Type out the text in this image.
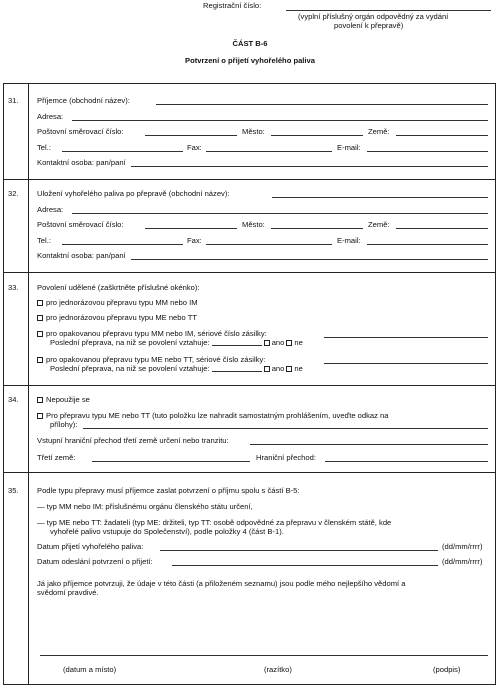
Registrační číslo:
(vyplní příslušný orgán odpovědný za vydání
povolení k přepravě)
ČÁST B-6
Potvrzení o přijetí vyhořelého paliva
31. Příjemce (obchodní název):
Adresa:
Poštovní směrovací číslo:	Město:	Země:
Tel.:	Fax:	E-mail:
Kontaktní osoba: pan/paní
32. Uložení vyhořelého paliva po přepravě (obchodní název):
Adresa:
Poštovní směrovací číslo:	Město:	Země:
Tel.:	Fax:	E-mail:
Kontaktní osoba: pan/paní
33. Povolení udělené (zaškrtněte příslušné okénko):
pro jednorázovou přepravu typu MM nebo IM
pro jednorázovou přepravu typu ME nebo TT
pro opakovanou přepravu typu MM nebo IM, sériové číslo zásilky:
Poslední přeprava, na niž se povolení vztahuje:	ano ne
pro opakovanou přepravu typu ME nebo TT, sériové číslo zásilky:
Poslední přeprava, na niž se povolení vztahuje:	ano ne
34.	Nepoužije se
Pro přepravu typu ME nebo TT (tuto položku lze nahradit samostatným prohlášením, uveďte odkaz na
přílohy):
Vstupní hraniční přechod třetí země určení nebo tranzitu:
Třetí země:	Hraniční přechod:
35. Podle typu přepravy musí příjemce zaslat potvrzení o příjmu spolu s částí B-5:
— typ MM nebo IM: příslušnému orgánu členského státu určení,
— typ ME nebo TT: žadateli (typ ME: držiteli, typ TT: osobě odpovědné za přepravu v členském státě, kde
vyhořelé palivo vstupuje do Společenství), podle položky 4 (část B-1).
Datum přijetí vyhořelého paliva:	(dd/mm/rrrr)
Datum odeslání potvrzení o přijetí:	(dd/mm/rrrr)
Já jako příjemce potvrzuji, že údaje v této části (a přiloženém seznamu) jsou podle mého nejlepšího vědomí a
svědomí pravdivé.
(datum a místo)	(razítko)	(podpis)
